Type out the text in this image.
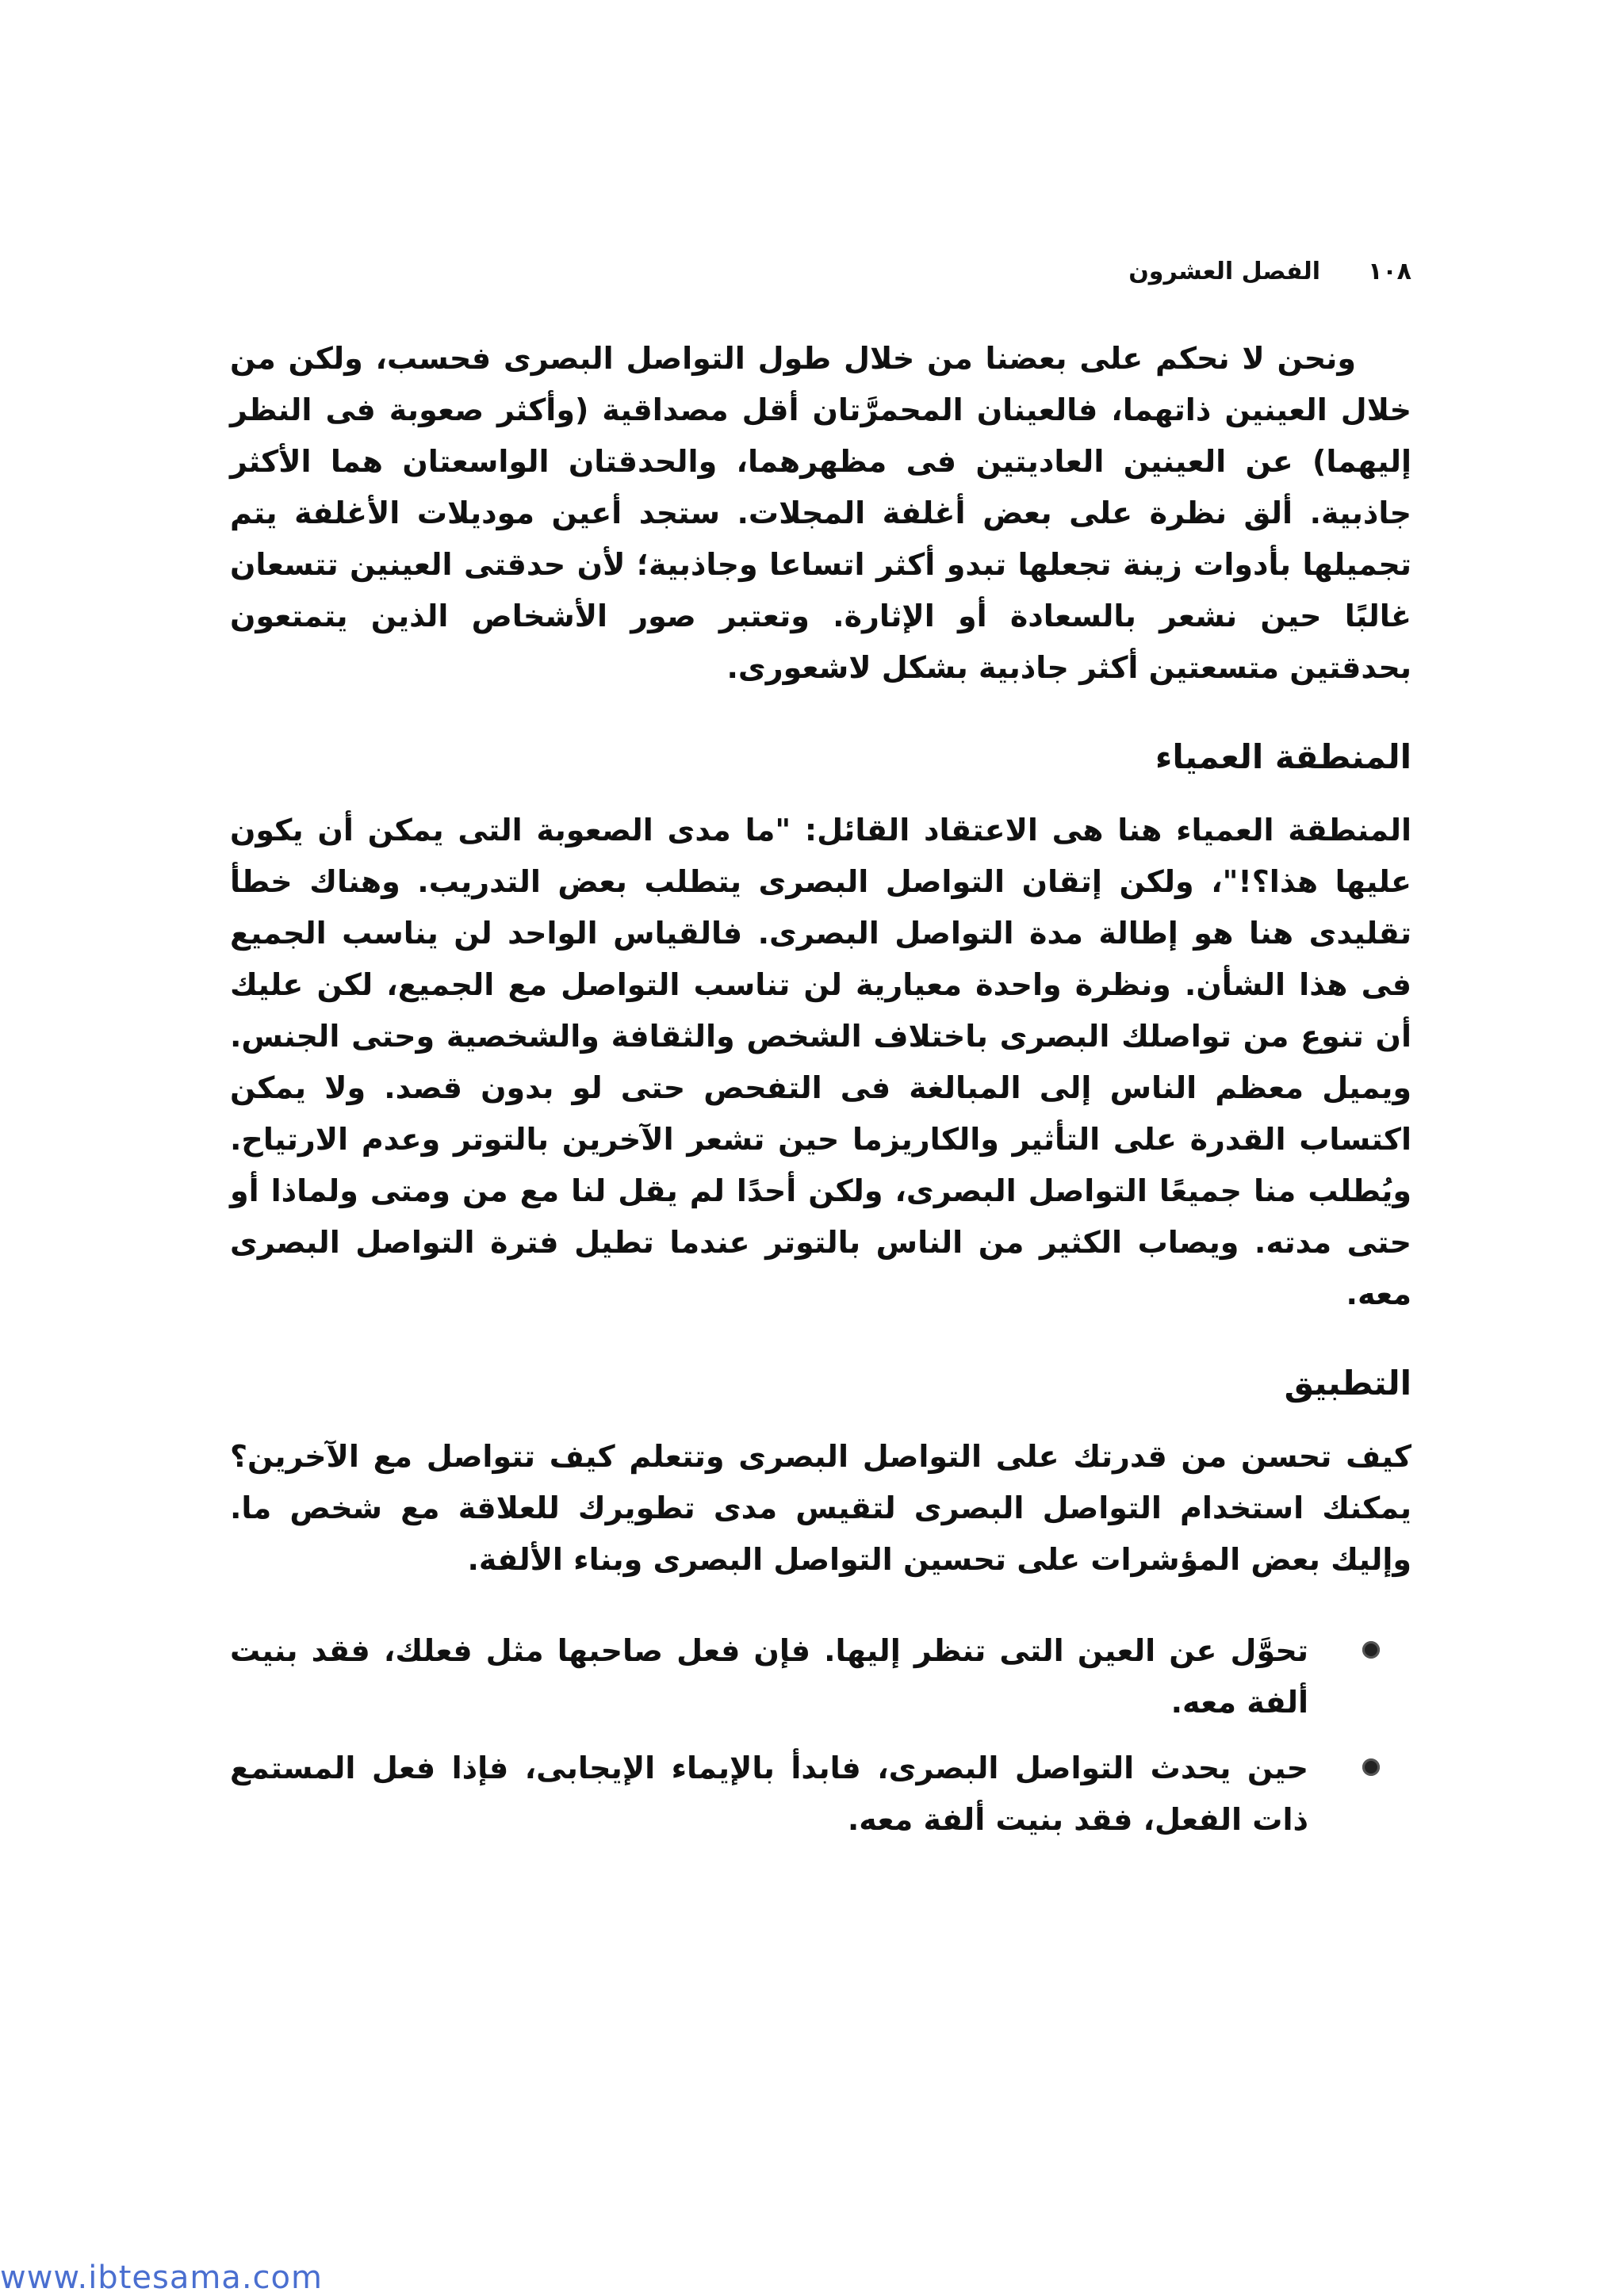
١٠٨
الفصل العشرون

ونحن لا نحكم على بعضنا من خلال طول التواصل البصرى فحسب، ولكن من خلال العينين ذاتهما، فالعينان المحمرَّتان أقل مصداقية (وأكثر صعوبة فى النظر إليهما) عن العينين العاديتين فى مظهرهما، والحدقتان الواسعتان هما الأكثر جاذبية. ألق نظرة على بعض أغلفة المجلات. ستجد أعين موديلات الأغلفة يتم تجميلها بأدوات زينة تجعلها تبدو أكثر اتساعا وجاذبية؛ لأن حدقتى العينين تتسعان غالبًا حين نشعر بالسعادة أو الإثارة. وتعتبر صور الأشخاص الذين يتمتعون بحدقتين متسعتين أكثر جاذبية بشكل لاشعورى.

المنطقة العمياء

المنطقة العمياء هنا هى الاعتقاد القائل: "ما مدى الصعوبة التى يمكن أن يكون عليها هذا؟!"، ولكن إتقان التواصل البصرى يتطلب بعض التدريب. وهناك خطأ تقليدى هنا هو إطالة مدة التواصل البصرى. فالقياس الواحد لن يناسب الجميع فى هذا الشأن. ونظرة واحدة معيارية لن تناسب التواصل مع الجميع، لكن عليك أن تنوع من تواصلك البصرى باختلاف الشخص والثقافة والشخصية وحتى الجنس. ويميل معظم الناس إلى المبالغة فى التفحص حتى لو بدون قصد. ولا يمكن اكتساب القدرة على التأثير والكاريزما حين تشعر الآخرين بالتوتر وعدم الارتياح. ويُطلب منا جميعًا التواصل البصرى، ولكن أحدًا لم يقل لنا مع من ومتى ولماذا أو حتى مدته. ويصاب الكثير من الناس بالتوتر عندما تطيل فترة التواصل البصرى معه.

التطبيق

كيف تحسن من قدرتك على التواصل البصرى وتتعلم كيف تتواصل مع الآخرين؟ يمكنك استخدام التواصل البصرى لتقيس مدى تطويرك للعلاقة مع شخص ما. وإليك بعض المؤشرات على تحسين التواصل البصرى وبناء الألفة.

تحوَّل عن العين التى تنظر إليها. فإن فعل صاحبها مثل فعلك، فقد بنيت ألفة معه.
حين يحدث التواصل البصرى، فابدأ بالإيماء الإيجابى، فإذا فعل المستمع ذات الفعل، فقد بنيت ألفة معه.
www.ibtesama.com
